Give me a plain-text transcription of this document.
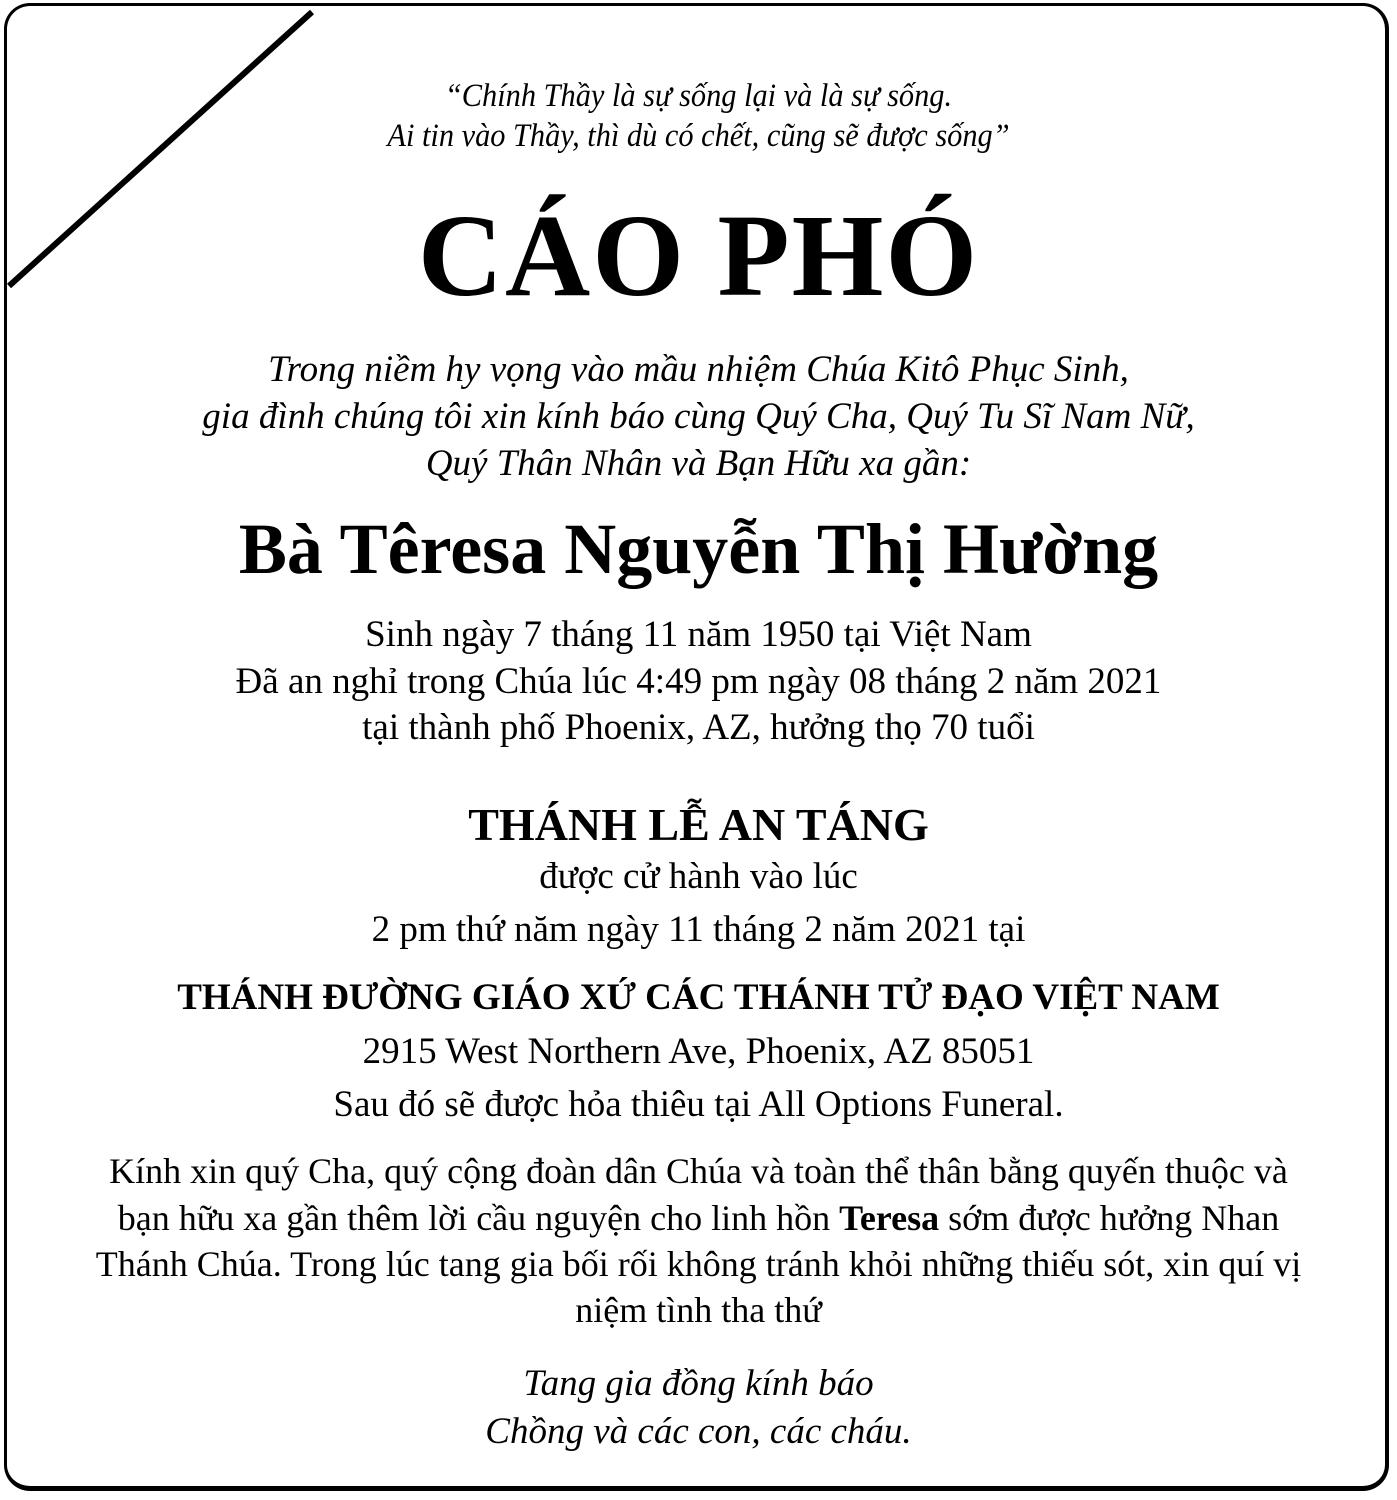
“Chính Thầy là sự sống lại và là sự sống.
Ai tin vào Thầy, thì dù có chết, cũng sẽ được sống”
CÁO PHÓ
Trong niềm hy vọng vào mầu nhiệm Chúa Kitô Phục Sinh,
gia đình chúng tôi xin kính báo cùng Quý Cha, Quý Tu Sĩ Nam Nữ,
Quý Thân Nhân và Bạn Hữu xa gần:
Bà Têresa Nguyễn Thị Hường
Sinh ngày 7 tháng 11 năm 1950 tại Việt Nam
Đã an nghỉ trong Chúa lúc 4:49 pm ngày 08 tháng 2 năm 2021
tại thành phố Phoenix, AZ, hưởng thọ 70 tuổi
THÁNH LỄ AN TÁNG
được cử hành vào lúc
2 pm thứ năm ngày 11 tháng 2 năm 2021 tại
THÁNH ĐƯỜNG GIÁO XỨ CÁC THÁNH TỬ ĐẠO VIỆT NAM
2915 West Northern Ave, Phoenix, AZ 85051
Sau đó sẽ được hỏa thiêu tại All Options Funeral.
Kính xin quý Cha, quý cộng đoàn dân Chúa và toàn thể thân bằng quyến thuộc và
bạn hữu xa gần thêm lời cầu nguyện cho linh hồn Teresa sớm được hưởng Nhan
Thánh Chúa. Trong lúc tang gia bối rối không tránh khỏi những thiếu sót, xin quí vị
niệm tình tha thứ
Tang gia đồng kính báo
Chồng và các con, các cháu.
